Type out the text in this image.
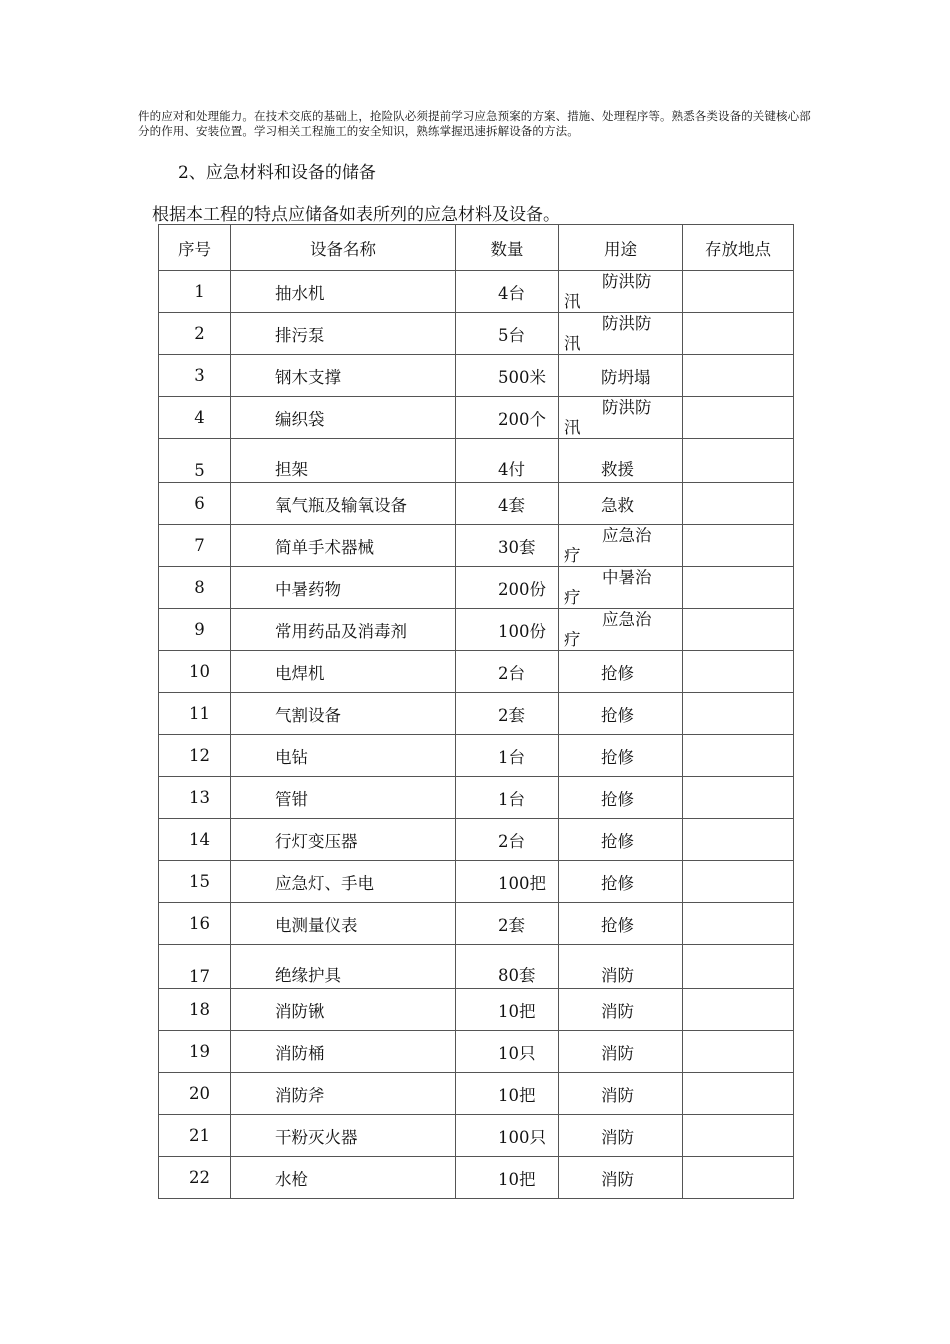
件的应对和处理能力。在技术交底的基础上，抢险队必须提前学习应急预案的方案、措施、处理程序等。熟悉各类设备的关键核心部分的作用、安装位置。学习相关工程施工的安全知识，熟练掌握迅速拆解设备的方法。

2、应急材料和设备的储备

根据本工程的特点应储备如表所列的应急材料及设备。

序号	设备名称	数量	用途	存放地点
1	抽水机	4台	防洪防汛	

2	排污泵	5台	防洪防汛	

3	钢木支撑	500米	防坍塌	
4	编织袋	200个	防洪防汛	

5	担架	4付	救援	
6	氧气瓶及输氧设备	4套	急救	
7	简单手术器械	30套	应急治疗	

8	中暑药物	200份	中暑治疗	

9	常用药品及消毒剂	100份	应急治疗	

10	电焊机	2台	抢修	
11	气割设备	2套	抢修	
12	电钻	1台	抢修	
13	管钳	1台	抢修	
14	行灯变压器	2台	抢修	
15	应急灯、手电	100把	抢修	
16	电测量仪表	2套	抢修	
17	绝缘护具	80套	消防	
18	消防锹	10把	消防	
19	消防桶	10只	消防	
20	消防斧	10把	消防	
21	干粉灭火器	100只	消防	
22	水枪	10把	消防	
